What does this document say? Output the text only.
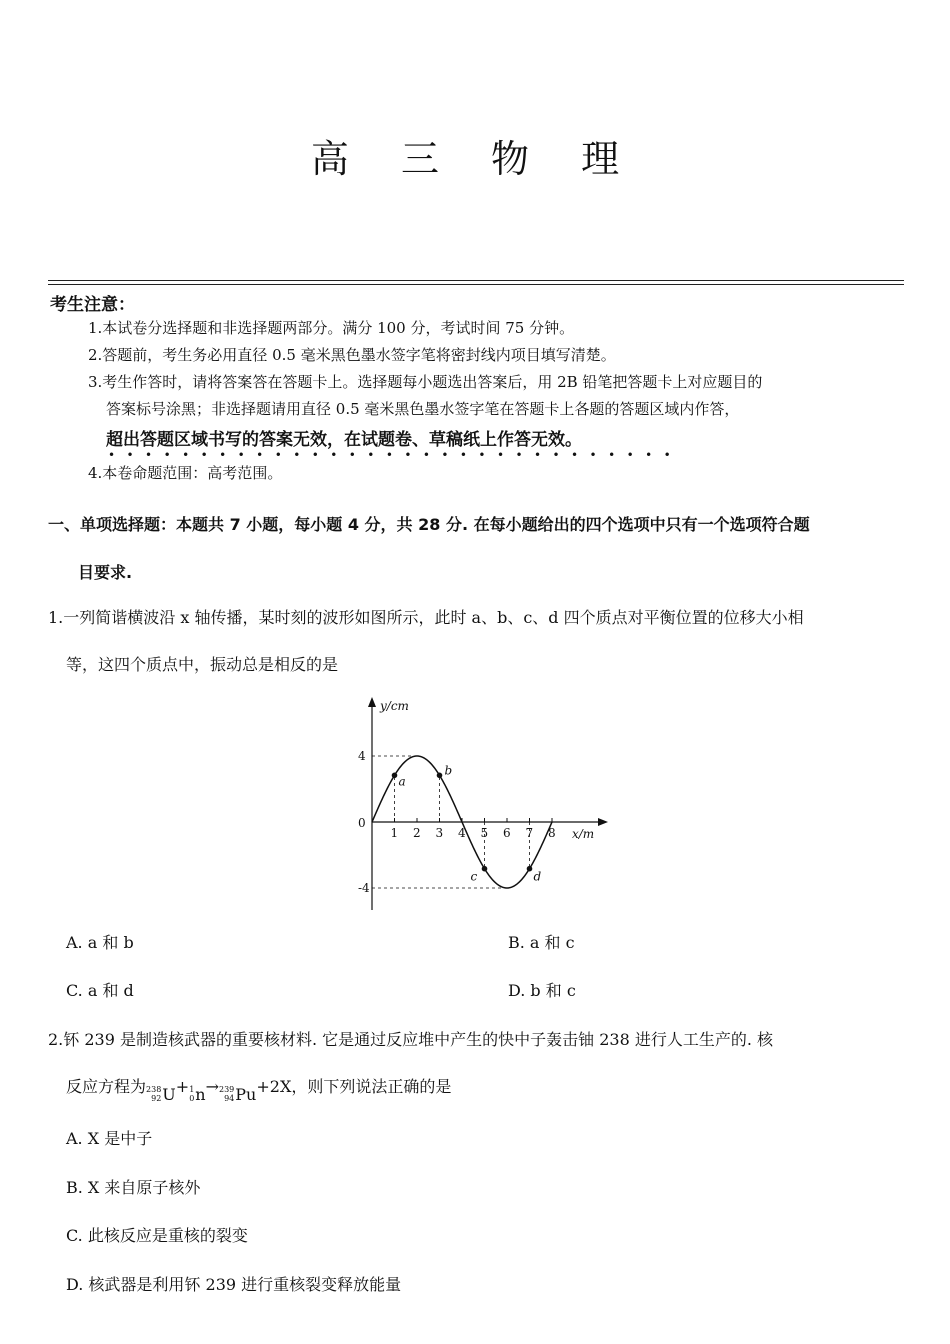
高 三 物 理
考生注意：
1.本试卷分选择题和非选择题两部分。满分 100 分，考试时间 75 分钟。
2.答题前，考生务必用直径 0.5 毫米黑色墨水签字笔将密封线内项目填写清楚。
3.考生作答时，请将答案答在答题卡上。选择题每小题选出答案后，用 2B 铅笔把答题卡上对应题目的
答案标号涂黑；非选择题请用直径 0.5 毫米黑色墨水签字笔在答题卡上各题的答题区域内作答，
超出答题区域书写的答案无效，在试题卷、草稿纸上作答无效。
•   •   •   •   •   •   •   •   •   •   •   •   •   •   •   •   •   •   •   •   •   •   •   •   •   •   •   •   •   •   •
4.本卷命题范围：高考范围。
一、单项选择题：本题共 7 小题，每小题 4 分，共 28 分. 在每小题给出的四个选项中只有一个选项符合题
目要求.
1.一列简谐横波沿 x 轴传播，某时刻的波形如图所示，此时 a、b、c、d 四个质点对平衡位置的位移大小相
等，这四个质点中，振动总是相反的是
y/cm
x/m
0
4
-4
1 2 3 4 5 6 7 8
a
b
c	d
A. a 和 b	B. a 和 c
C. a 和 d	D. b 和 c
2.钚 239 是制造核武器的重要核材料. 它是通过反应堆中产生的快中子轰击铀 238 进行人工生产的. 核
反应方程为 238
92 U + 1
0 n → 239
94 Pu +2X，则下列说法正确的是
A. X 是中子
B. X 来自原子核外
C. 此核反应是重核的裂变
D. 核武器是利用钚 239 进行重核裂变释放能量
